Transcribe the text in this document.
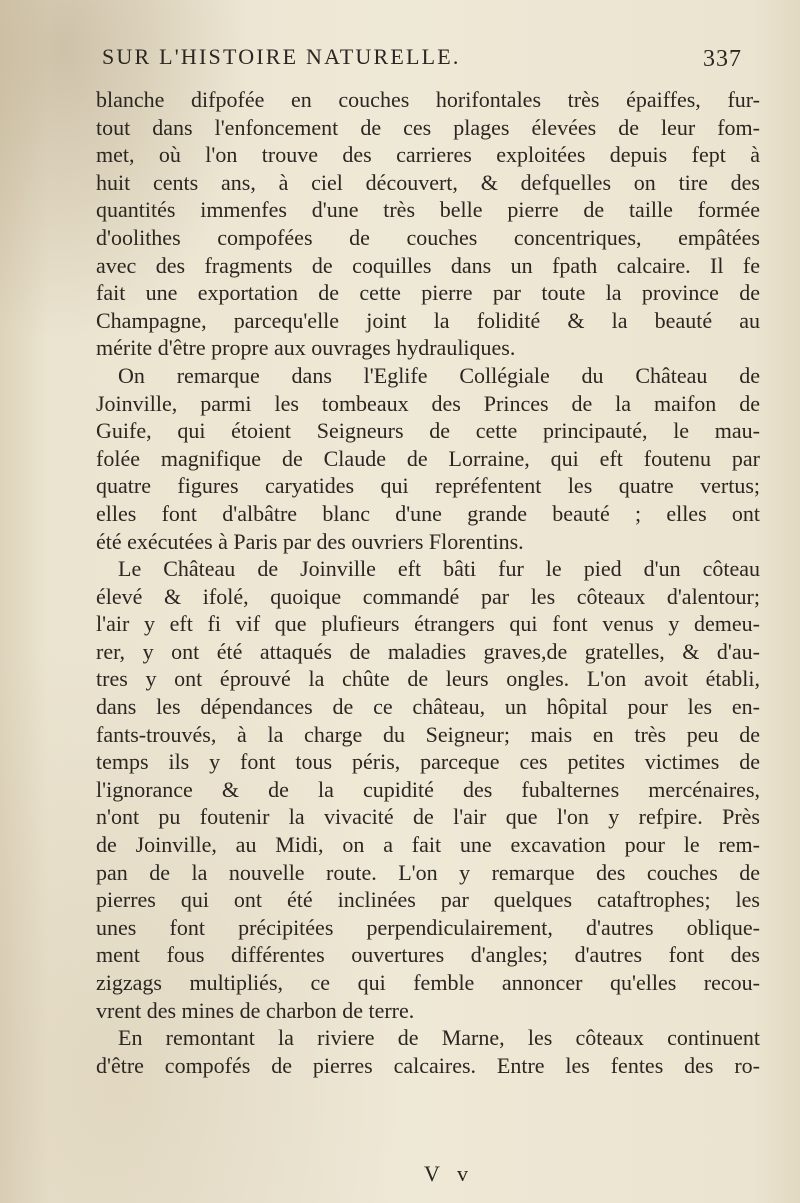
SUR L'HISTOIRE NATURELLE.	337

blanche difpofée en couches horifontales très épaiffes, fur-
tout dans l'enfoncement de ces plages élevées de leur fom-
met, où l'on trouve des carrieres exploitées depuis fept à
huit cents ans, à ciel découvert, & defquelles on tire des
quantités immenfes d'une très belle pierre de taille formée
d'oolithes compofées de couches concentriques, empâtées
avec des fragments de coquilles dans un fpath calcaire. Il fe
fait une exportation de cette pierre par toute la province de
Champagne, parcequ'elle joint la folidité & la beauté au
mérite d'être propre aux ouvrages hydrauliques.

On remarque dans l'Eglife Collégiale du Château de
Joinville, parmi les tombeaux des Princes de la maifon de
Guife, qui étoient Seigneurs de cette principauté, le mau-
folée magnifique de Claude de Lorraine, qui eft foutenu par
quatre figures caryatides qui repréfentent les quatre vertus;
elles font d'albâtre blanc d'une grande beauté ; elles ont
été exécutées à Paris par des ouvriers Florentins.

Le Château de Joinville eft bâti fur le pied d'un côteau
élevé & ifolé, quoique commandé par les côteaux d'alentour;
l'air y eft fi vif que plufieurs étrangers qui font venus y demeu-
rer, y ont été attaqués de maladies graves,de gratelles, & d'au-
tres y ont éprouvé la chûte de leurs ongles. L'on avoit établi,
dans les dépendances de ce château, un hôpital pour les en-
fants-trouvés, à la charge du Seigneur; mais en très peu de
temps ils y font tous péris, parceque ces petites victimes de
l'ignorance & de la cupidité des fubalternes mercénaires,
n'ont pu foutenir la vivacité de l'air que l'on y refpire. Près
de Joinville, au Midi, on a fait une excavation pour le rem-
pan de la nouvelle route. L'on y remarque des couches de
pierres qui ont été inclinées par quelques cataftrophes; les
unes font précipitées perpendiculairement, d'autres oblique-
ment fous différentes ouvertures d'angles; d'autres font des
zigzags multipliés, ce qui femble annoncer qu'elles recou-
vrent des mines de charbon de terre.

En remontant la riviere de Marne, les côteaux continuent
d'être compofés de pierres calcaires. Entre les fentes des ro-

V v
